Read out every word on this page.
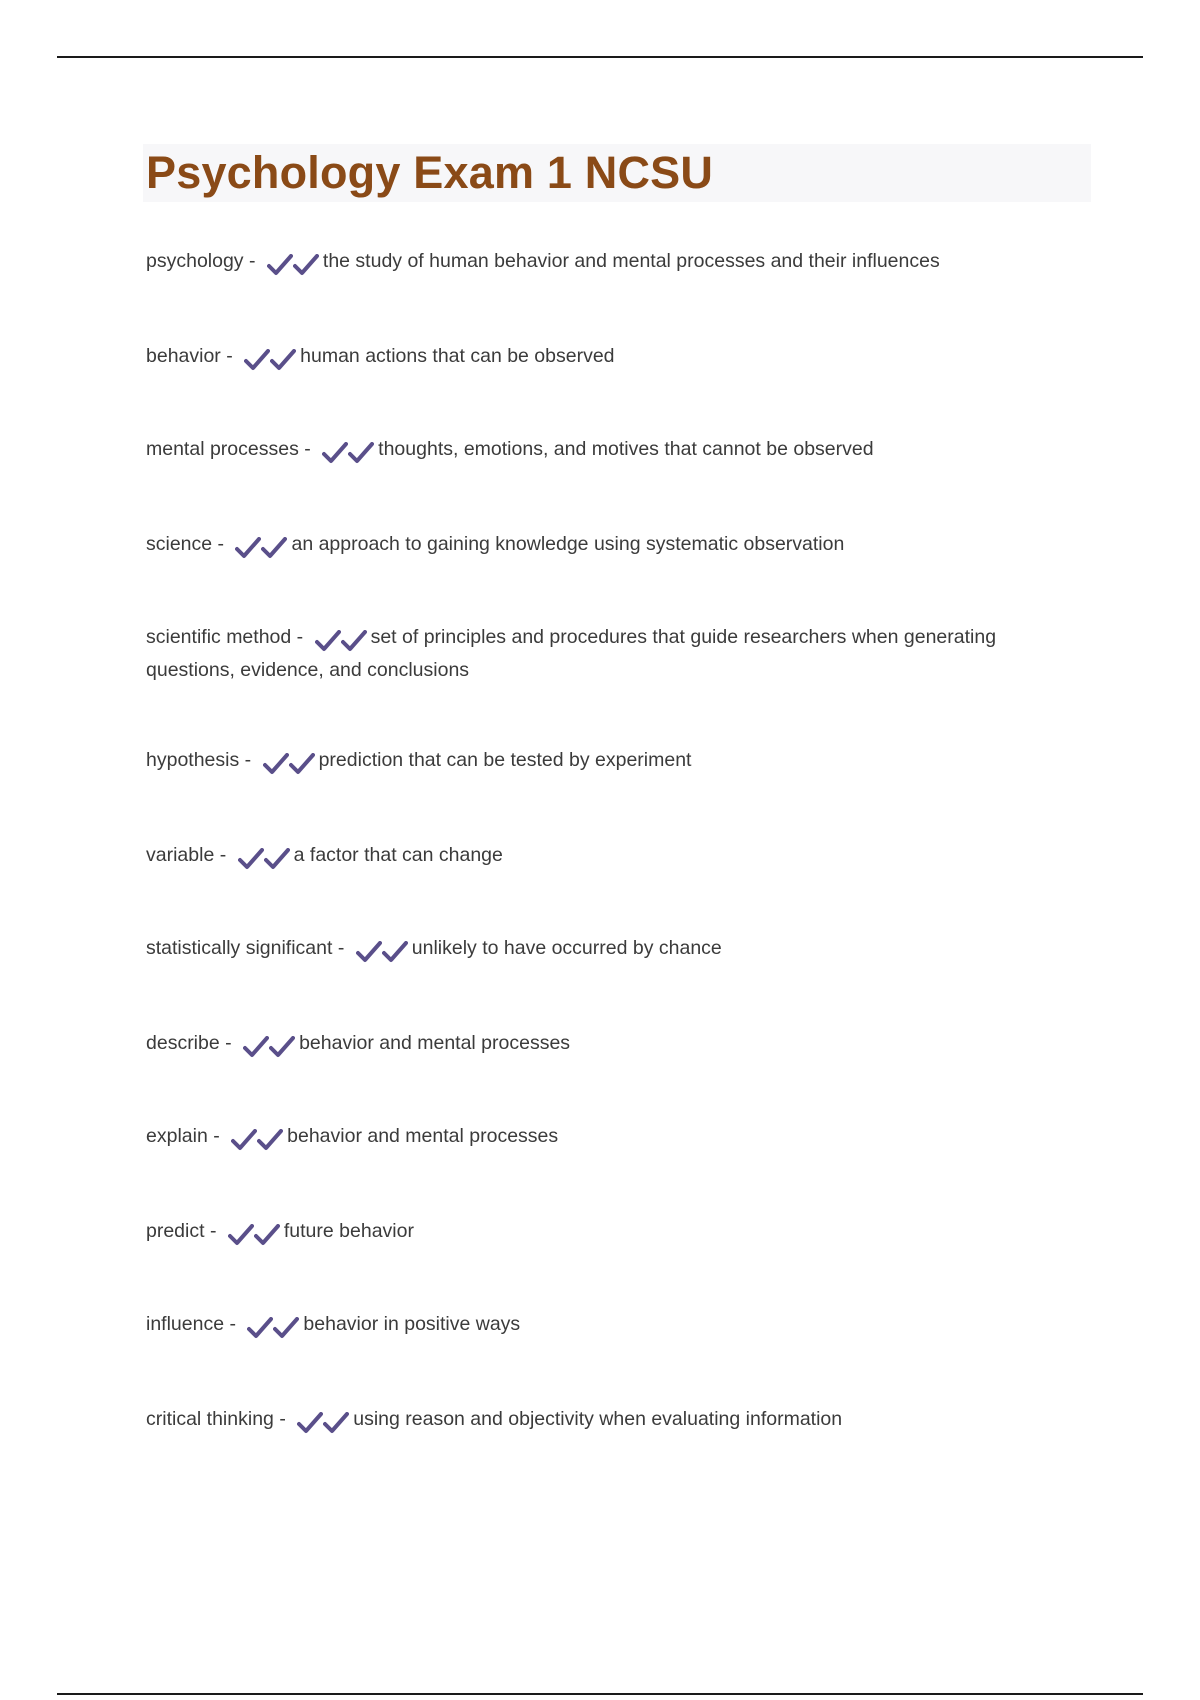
Psychology Exam 1 NCSU
psychology -	the study of human behavior and mental processes and their influences
behavior -	human actions that can be observed
mental processes -	thoughts, emotions, and motives that cannot be observed
science -	an approach to gaining knowledge using systematic observation
scientific method -	set of principles and procedures that guide researchers when generating questions, evidence, and conclusions
hypothesis -	prediction that can be tested by experiment
variable -	a factor that can change
statistically significant -	unlikely to have occurred by chance
describe -	behavior and mental processes
explain -	behavior and mental processes
predict -	future behavior
influence -	behavior in positive ways
critical thinking -	using reason and objectivity when evaluating information
